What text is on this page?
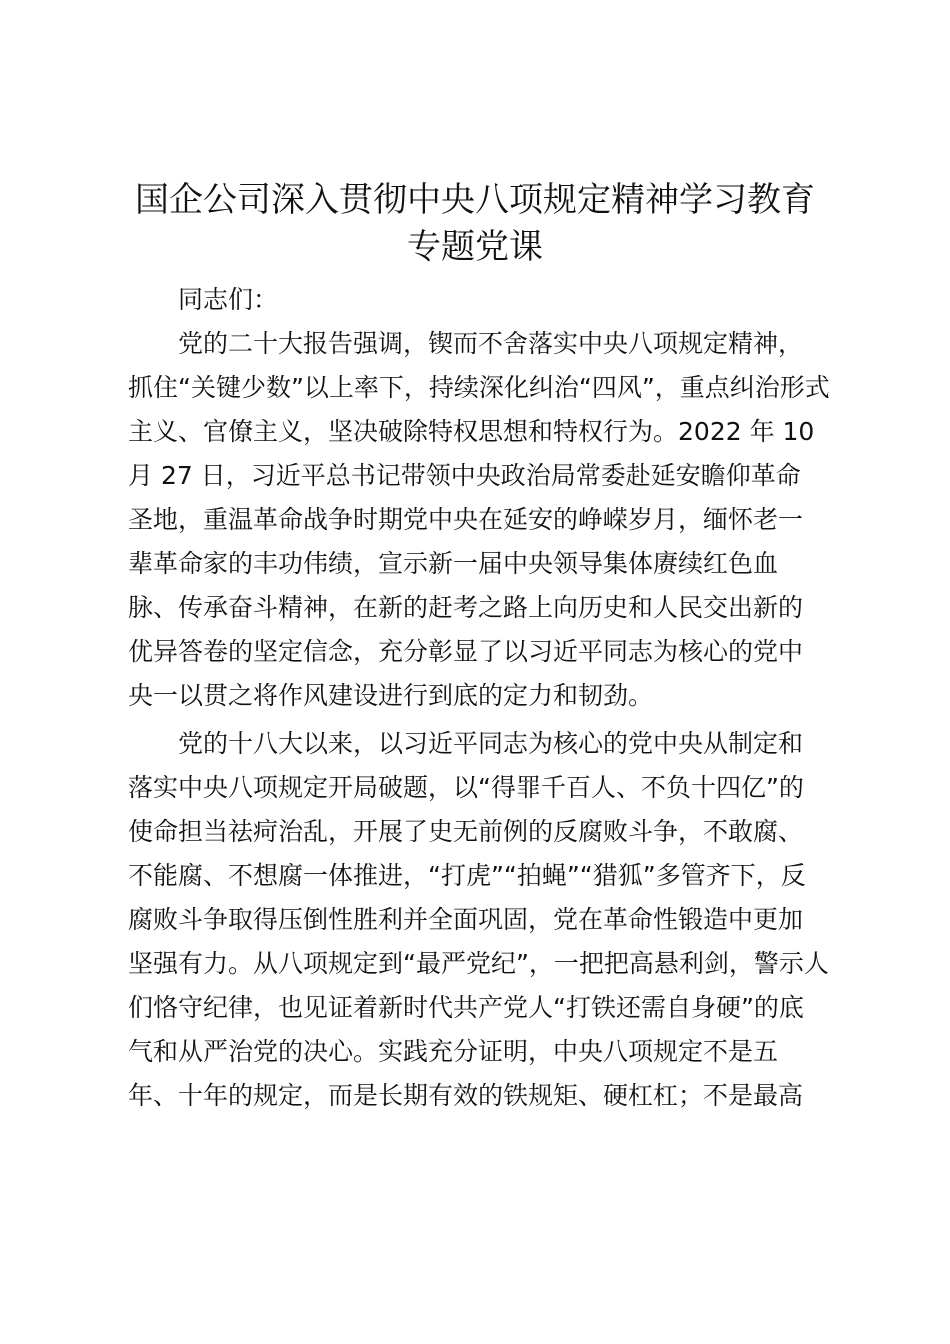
国企公司深入贯彻中央八项规定精神学习教育
专题党课

同志们：

党的二十大报告强调，锲而不舍落实中央八项规定精神，

抓住“关键少数”以上率下，持续深化纠治“四风”，重点纠治形式

主义、官僚主义，坚决破除特权思想和特权行为。2022 年 10

月 27 日，习近平总书记带领中央政治局常委赴延安瞻仰革命

圣地，重温革命战争时期党中央在延安的峥嵘岁月，缅怀老一

辈革命家的丰功伟绩，宣示新一届中央领导集体赓续红色血

脉、传承奋斗精神，在新的赶考之路上向历史和人民交出新的

优异答卷的坚定信念，充分彰显了以习近平同志为核心的党中

央一以贯之将作风建设进行到底的定力和韧劲。

党的十八大以来，以习近平同志为核心的党中央从制定和

落实中央八项规定开局破题，以“得罪千百人、不负十四亿”的

使命担当祛疴治乱，开展了史无前例的反腐败斗争，不敢腐、

不能腐、不想腐一体推进，“打虎”“拍蝇”“猎狐”多管齐下，反

腐败斗争取得压倒性胜利并全面巩固，党在革命性锻造中更加

坚强有力。从八项规定到“最严党纪”，一把把高悬利剑，警示人

们恪守纪律，也见证着新时代共产党人“打铁还需自身硬”的底

气和从严治党的决心。实践充分证明，中央八项规定不是五

年、十年的规定，而是长期有效的铁规矩、硬杠杠；不是最高
